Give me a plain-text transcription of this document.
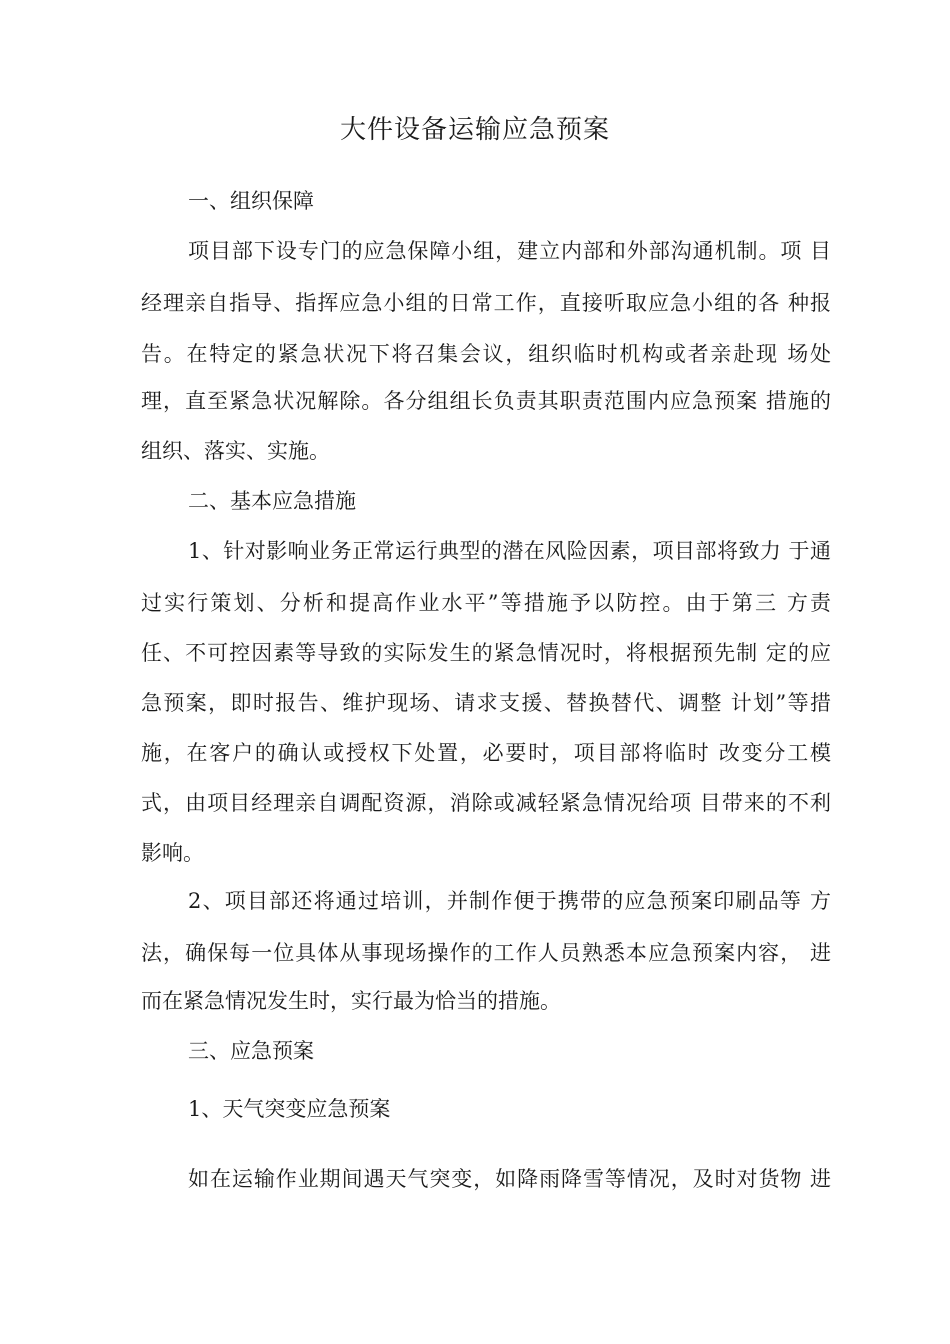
大件设备运输应急预案
一、组织保障
项目部下设专门的应急保障小组，建立内部和外部沟通机制。项 目
经理亲自指导、指挥应急小组的日常工作，直接听取应急小组的各 种报
告。在特定的紧急状况下将召集会议，组织临时机构或者亲赴现 场处
理，直至紧急状况解除。各分组组长负责其职责范围内应急预案 措施的
组织、落实、实施。
二、基本应急措施
1、针对影响业务正常运行典型的潜在风险因素，项目部将致力 于通
过实行策划、分析和提高作业水平”等措施予以防控。由于第三 方责
任、不可控因素等导致的实际发生的紧急情况时，将根据预先制 定的应
急预案，即时报告、维护现场、请求支援、替换替代、调整 计划”等措
施，在客户的确认或授权下处置，必要时，项目部将临时 改变分工模
式，由项目经理亲自调配资源，消除或减轻紧急情况给项 目带来的不利
影响。
2、项目部还将通过培训，并制作便于携带的应急预案印刷品等 方
法，确保每一位具体从事现场操作的工作人员熟悉本应急预案内容， 进
而在紧急情况发生时，实行最为恰当的措施。
三、应急预案
1、天气突变应急预案
如在运输作业期间遇天气突变，如降雨降雪等情况，及时对货物 进
